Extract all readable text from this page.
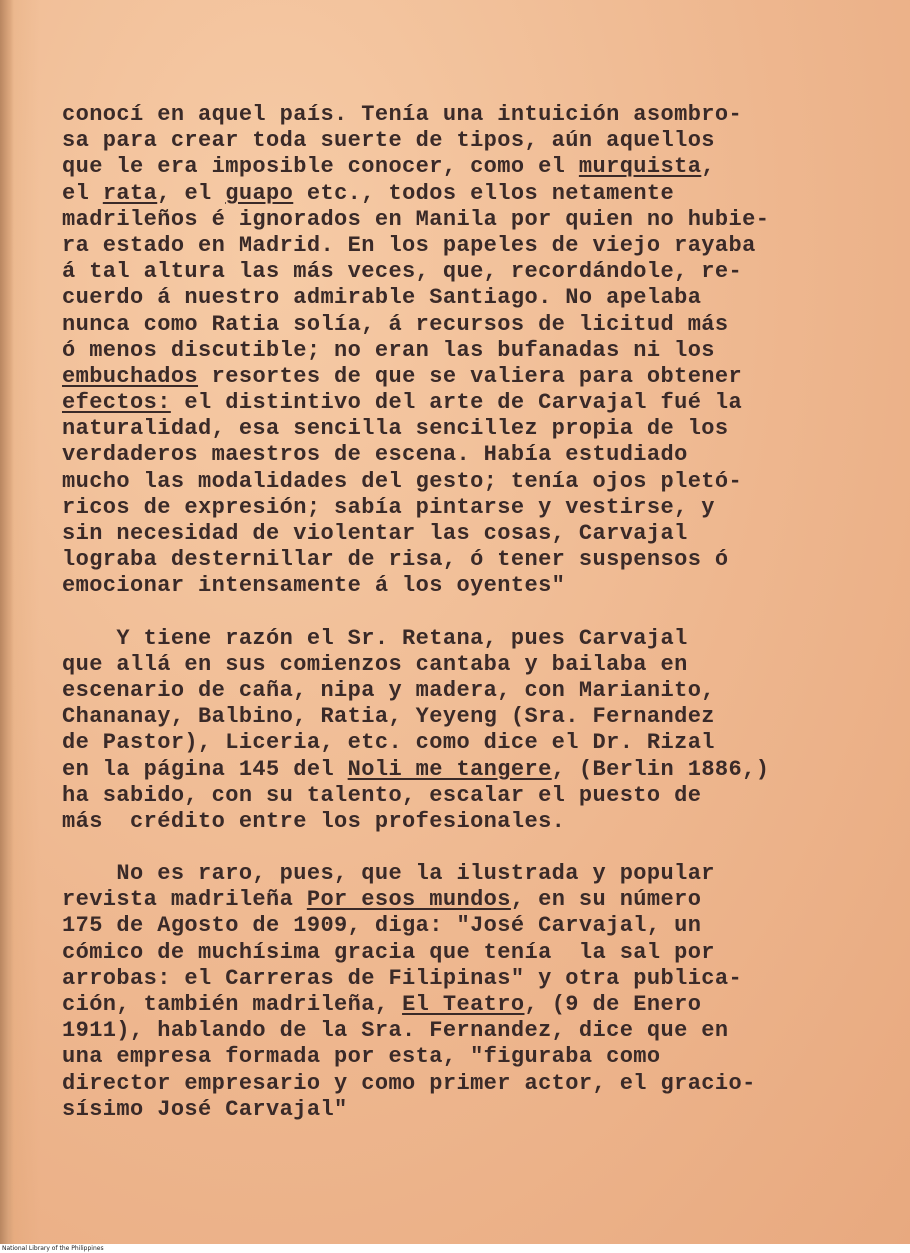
conocí en aquel país. Tenía una intuición asombro-
sa para crear toda suerte de tipos, aún aquellos
que le era imposible conocer, como el murquista,
el rata, el guapo etc., todos ellos netamente
madrileños é ignorados en Manila por quien no hubie-
ra estado en Madrid. En los papeles de viejo rayaba
á tal altura las más veces, que, recordándole, re-
cuerdo á nuestro admirable Santiago. No apelaba
nunca como Ratia solía, á recursos de licitud más
ó menos discutible; no eran las bufanadas ni los
embuchados resortes de que se valiera para obtener
efectos: el distintivo del arte de Carvajal fué la
naturalidad, esa sencilla sencillez propia de los
verdaderos maestros de escena. Había estudiado
mucho las modalidades del gesto; tenía ojos pletó-
ricos de expresión; sabía pintarse y vestirse, y
sin necesidad de violentar las cosas, Carvajal
lograba desternillar de risa, ó tener suspensos ó
emocionar intensamente á los oyentes"
Y tiene razón el Sr. Retana, pues Carvajal
que allá en sus comienzos cantaba y bailaba en
escenario de caña, nipa y madera, con Marianito,
Chananay, Balbino, Ratia, Yeyeng (Sra. Fernandez
de Pastor), Liceria, etc. como dice el Dr. Rizal
en la página 145 del Noli me tangere, (Berlin 1886,)
ha sabido, con su talento, escalar el puesto de
más  crédito entre los profesionales.
No es raro, pues, que la ilustrada y popular
revista madrileña Por esos mundos, en su número
175 de Agosto de 1909, diga: "José Carvajal, un
cómico de muchísima gracia que tenía  la sal por
arrobas: el Carreras de Filipinas" y otra publica-
ción, también madrileña, El Teatro, (9 de Enero
1911), hablando de la Sra. Fernandez, dice que en
una empresa formada por esta, "figuraba como
director empresario y como primer actor, el gracio-
sísimo José Carvajal"
National Library of the Philippines
